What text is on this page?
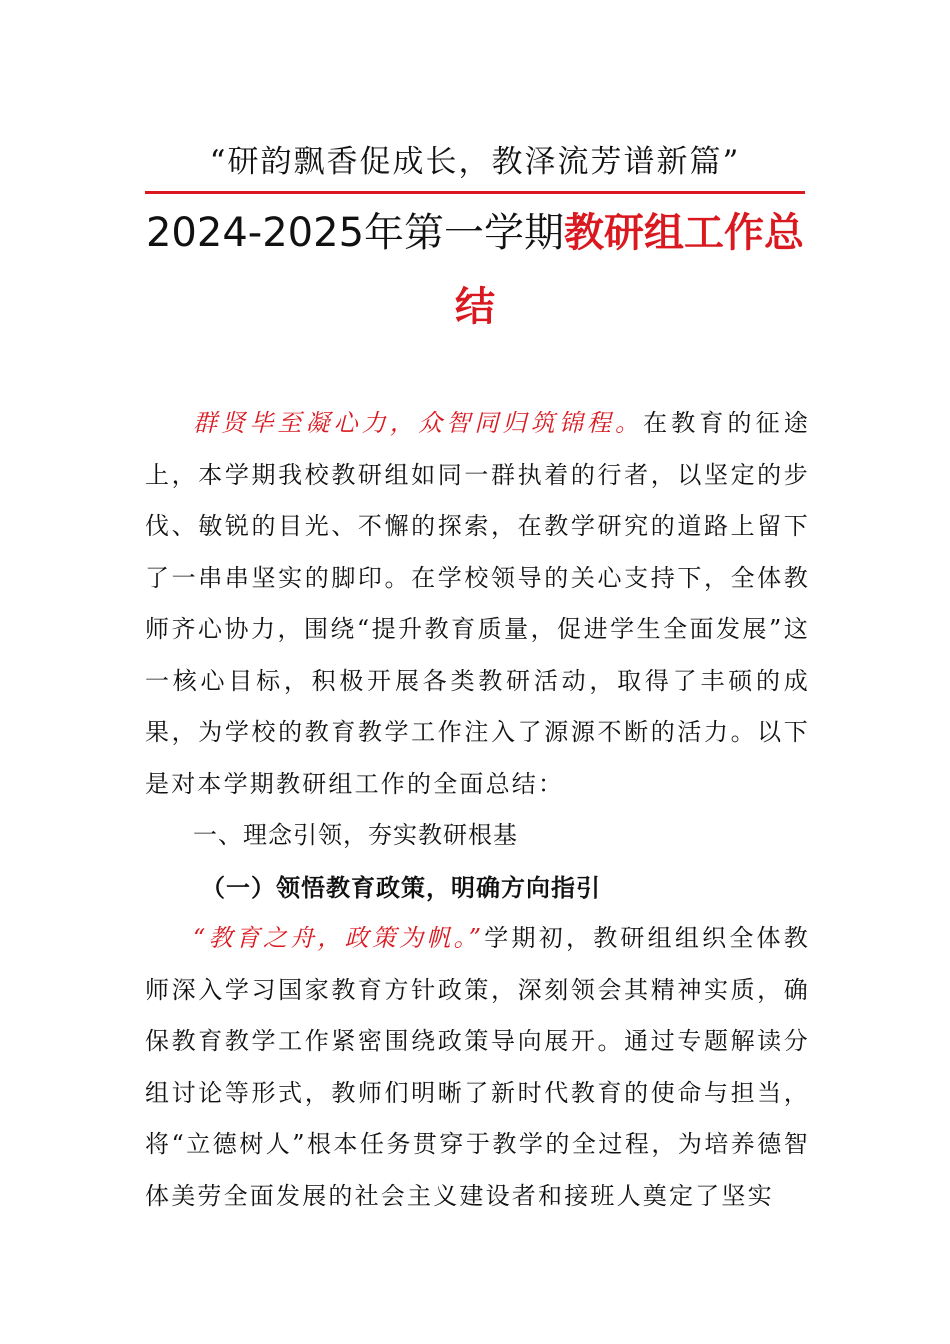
“研韵飘香促成长，教泽流芳谱新篇”
2024-2025年第一学期教研组工作总
结

群贤毕至凝心力，众智同归筑锦程。在教育的征途上，本学期我校教研组如同一群执着的行者，以坚定的步伐、敏锐的目光、不懈的探索，在教学研究的道路上留下了一串串坚实的脚印。在学校领导的关心支持下，全体教师齐心协力，围绕“提升教育质量，促进学生全面发展”这一核心目标，积极开展各类教研活动，取得了丰硕的成果，为学校的教育教学工作注入了源源不断的活力。以下是对本学期教研组工作的全面总结：

一、理念引领，夯实教研根基

（一）领悟教育政策，明确方向指引

“教育之舟，政策为帆。”学期初，教研组组织全体教师深入学习国家教育方针政策，深刻领会其精神实质，确保教育教学工作紧密围绕政策导向展开。通过专题解读分组讨论等形式，教师们明晰了新时代教育的使命与担当，将“立德树人”根本任务贯穿于教学的全过程，为培养德智体美劳全面发展的社会主义建设者和接班人奠定了坚实
